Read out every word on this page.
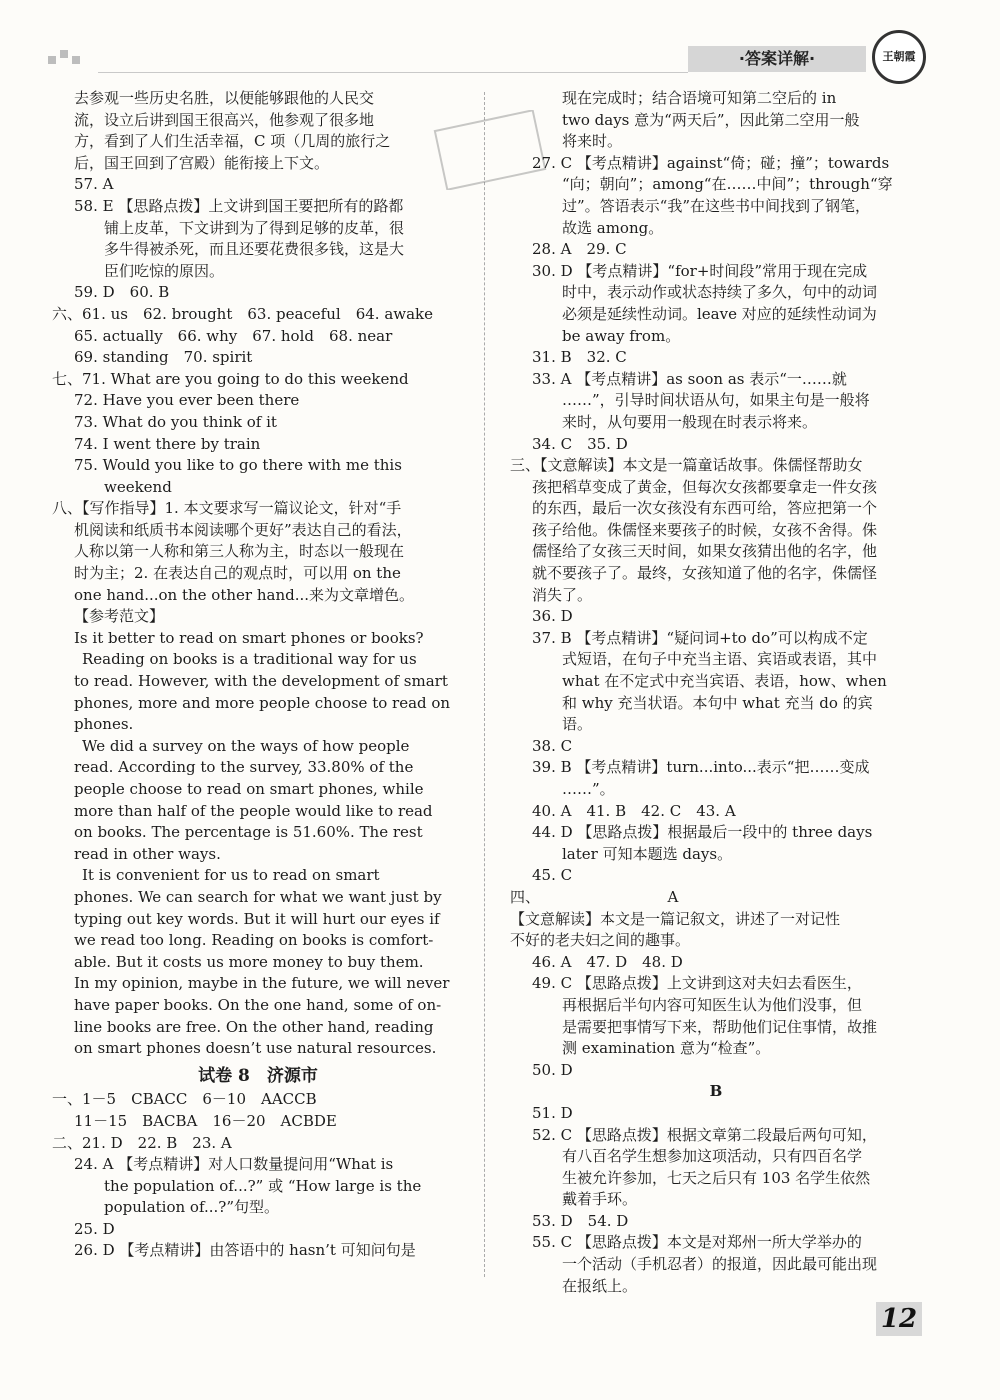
·答案详解·	王朝霞
去参观一些历史名胜，以便能够跟他的人民交
流，设立后讲到国王很高兴，他参观了很多地
方，看到了人们生活幸福，C 项（几周的旅行之
后，国王回到了宫殿）能衔接上下文。
57. A
58. E 【思路点拨】上文讲到国王要把所有的路都
铺上皮革，下文讲到为了得到足够的皮革，很
多牛得被杀死，而且还要花费很多钱，这是大
臣们吃惊的原因。
59. D　60. B
六、61. us　62. brought　63. peaceful　64. awake
65. actually　66. why　67. hold　68. near
69. standing　70. spirit
七、71. What are you going to do this weekend
72. Have you ever been there
73. What do you think of it
74. I went there by train
75. Would you like to go there with me this
weekend
八、【写作指导】1. 本文要求写一篇议论文，针对“手
机阅读和纸质书本阅读哪个更好”表达自己的看法，
人称以第一人称和第三人称为主，时态以一般现在
时为主；2. 在表达自己的观点时，可以用 on the
one hand...on the other hand...来为文章增色。
【参考范文】
Is it better to read on smart phones or books?
Reading on books is a traditional way for us
to read. However, with the development of smart
phones, more and more people choose to read on
phones.
We did a survey on the ways of how people
read. According to the survey, 33.80% of the
people choose to read on smart phones, while
more than half of the people would like to read
on books. The percentage is 51.60%. The rest
read in other ways.
It is convenient for us to read on smart
phones. We can search for what we want just by
typing out key words. But it will hurt our eyes if
we read too long. Reading on books is comfort-
able. But it costs us more money to buy them.
In my opinion, maybe in the future, we will never
have paper books. On the one hand, some of on-
line books are free. On the other hand, reading
on smart phones doesn’t use natural resources.
试卷 8　济源市
一、1－5　CBACC　6－10　AACCB
11－15　BACBA　16－20　ACBDE
二、21. D　22. B　23. A
24. A 【考点精讲】对人口数量提问用“What is
the population of...?” 或 “How large is the
population of...?”句型。
25. D
26. D 【考点精讲】由答语中的 hasn’t 可知问句是
现在完成时；结合语境可知第二空后的 in
two days 意为“两天后”，因此第二空用一般
将来时。
27. C 【考点精讲】against“倚；碰；撞”；towards
“向；朝向”；among“在……中间”；through“穿
过”。答语表示“我”在这些书中间找到了钢笔，
故选 among。
28. A　29. C
30. D 【考点精讲】“for+时间段”常用于现在完成
时中，表示动作或状态持续了多久，句中的动词
必须是延续性动词。leave 对应的延续性动词为
be away from。
31. B　32. C
33. A 【考点精讲】as soon as 表示“一……就
……”，引导时间状语从句，如果主句是一般将
来时，从句要用一般现在时表示将来。
34. C　35. D
三、【文意解读】本文是一篇童话故事。侏儒怪帮助女
孩把稻草变成了黄金，但每次女孩都要拿走一件女孩
的东西，最后一次女孩没有东西可给，答应把第一个
孩子给他。侏儒怪来要孩子的时候，女孩不舍得。侏
儒怪给了女孩三天时间，如果女孩猜出他的名字，他
就不要孩子了。最终，女孩知道了他的名字，侏儒怪
消失了。
36. D
37. B 【考点精讲】“疑问词+to do”可以构成不定
式短语，在句子中充当主语、宾语或表语，其中
what 在不定式中充当宾语、表语，how、when
和 why 充当状语。本句中 what 充当 do 的宾
语。
38. C
39. B 【考点精讲】turn...into...表示“把……变成
……”。
40. A　41. B　42. C　43. A
44. D 【思路点拨】根据最后一段中的 three days
later 可知本题选 days。
45. C
四、　　　　　　　　　A
【文意解读】本文是一篇记叙文，讲述了一对记性
不好的老夫妇之间的趣事。
46. A　47. D　48. D
49. C 【思路点拨】上文讲到这对夫妇去看医生，
再根据后半句内容可知医生认为他们没事，但
是需要把事情写下来，帮助他们记住事情，故推
测 examination 意为“检查”。
50. D
B
51. D
52. C 【思路点拨】根据文章第二段最后两句可知，
有八百名学生想参加这项活动，只有四百名学
生被允许参加，七天之后只有 103 名学生依然
戴着手环。
53. D　54. D
55. C 【思路点拨】本文是对郑州一所大学举办的
一个活动（手机忍者）的报道，因此最可能出现
在报纸上。
12
